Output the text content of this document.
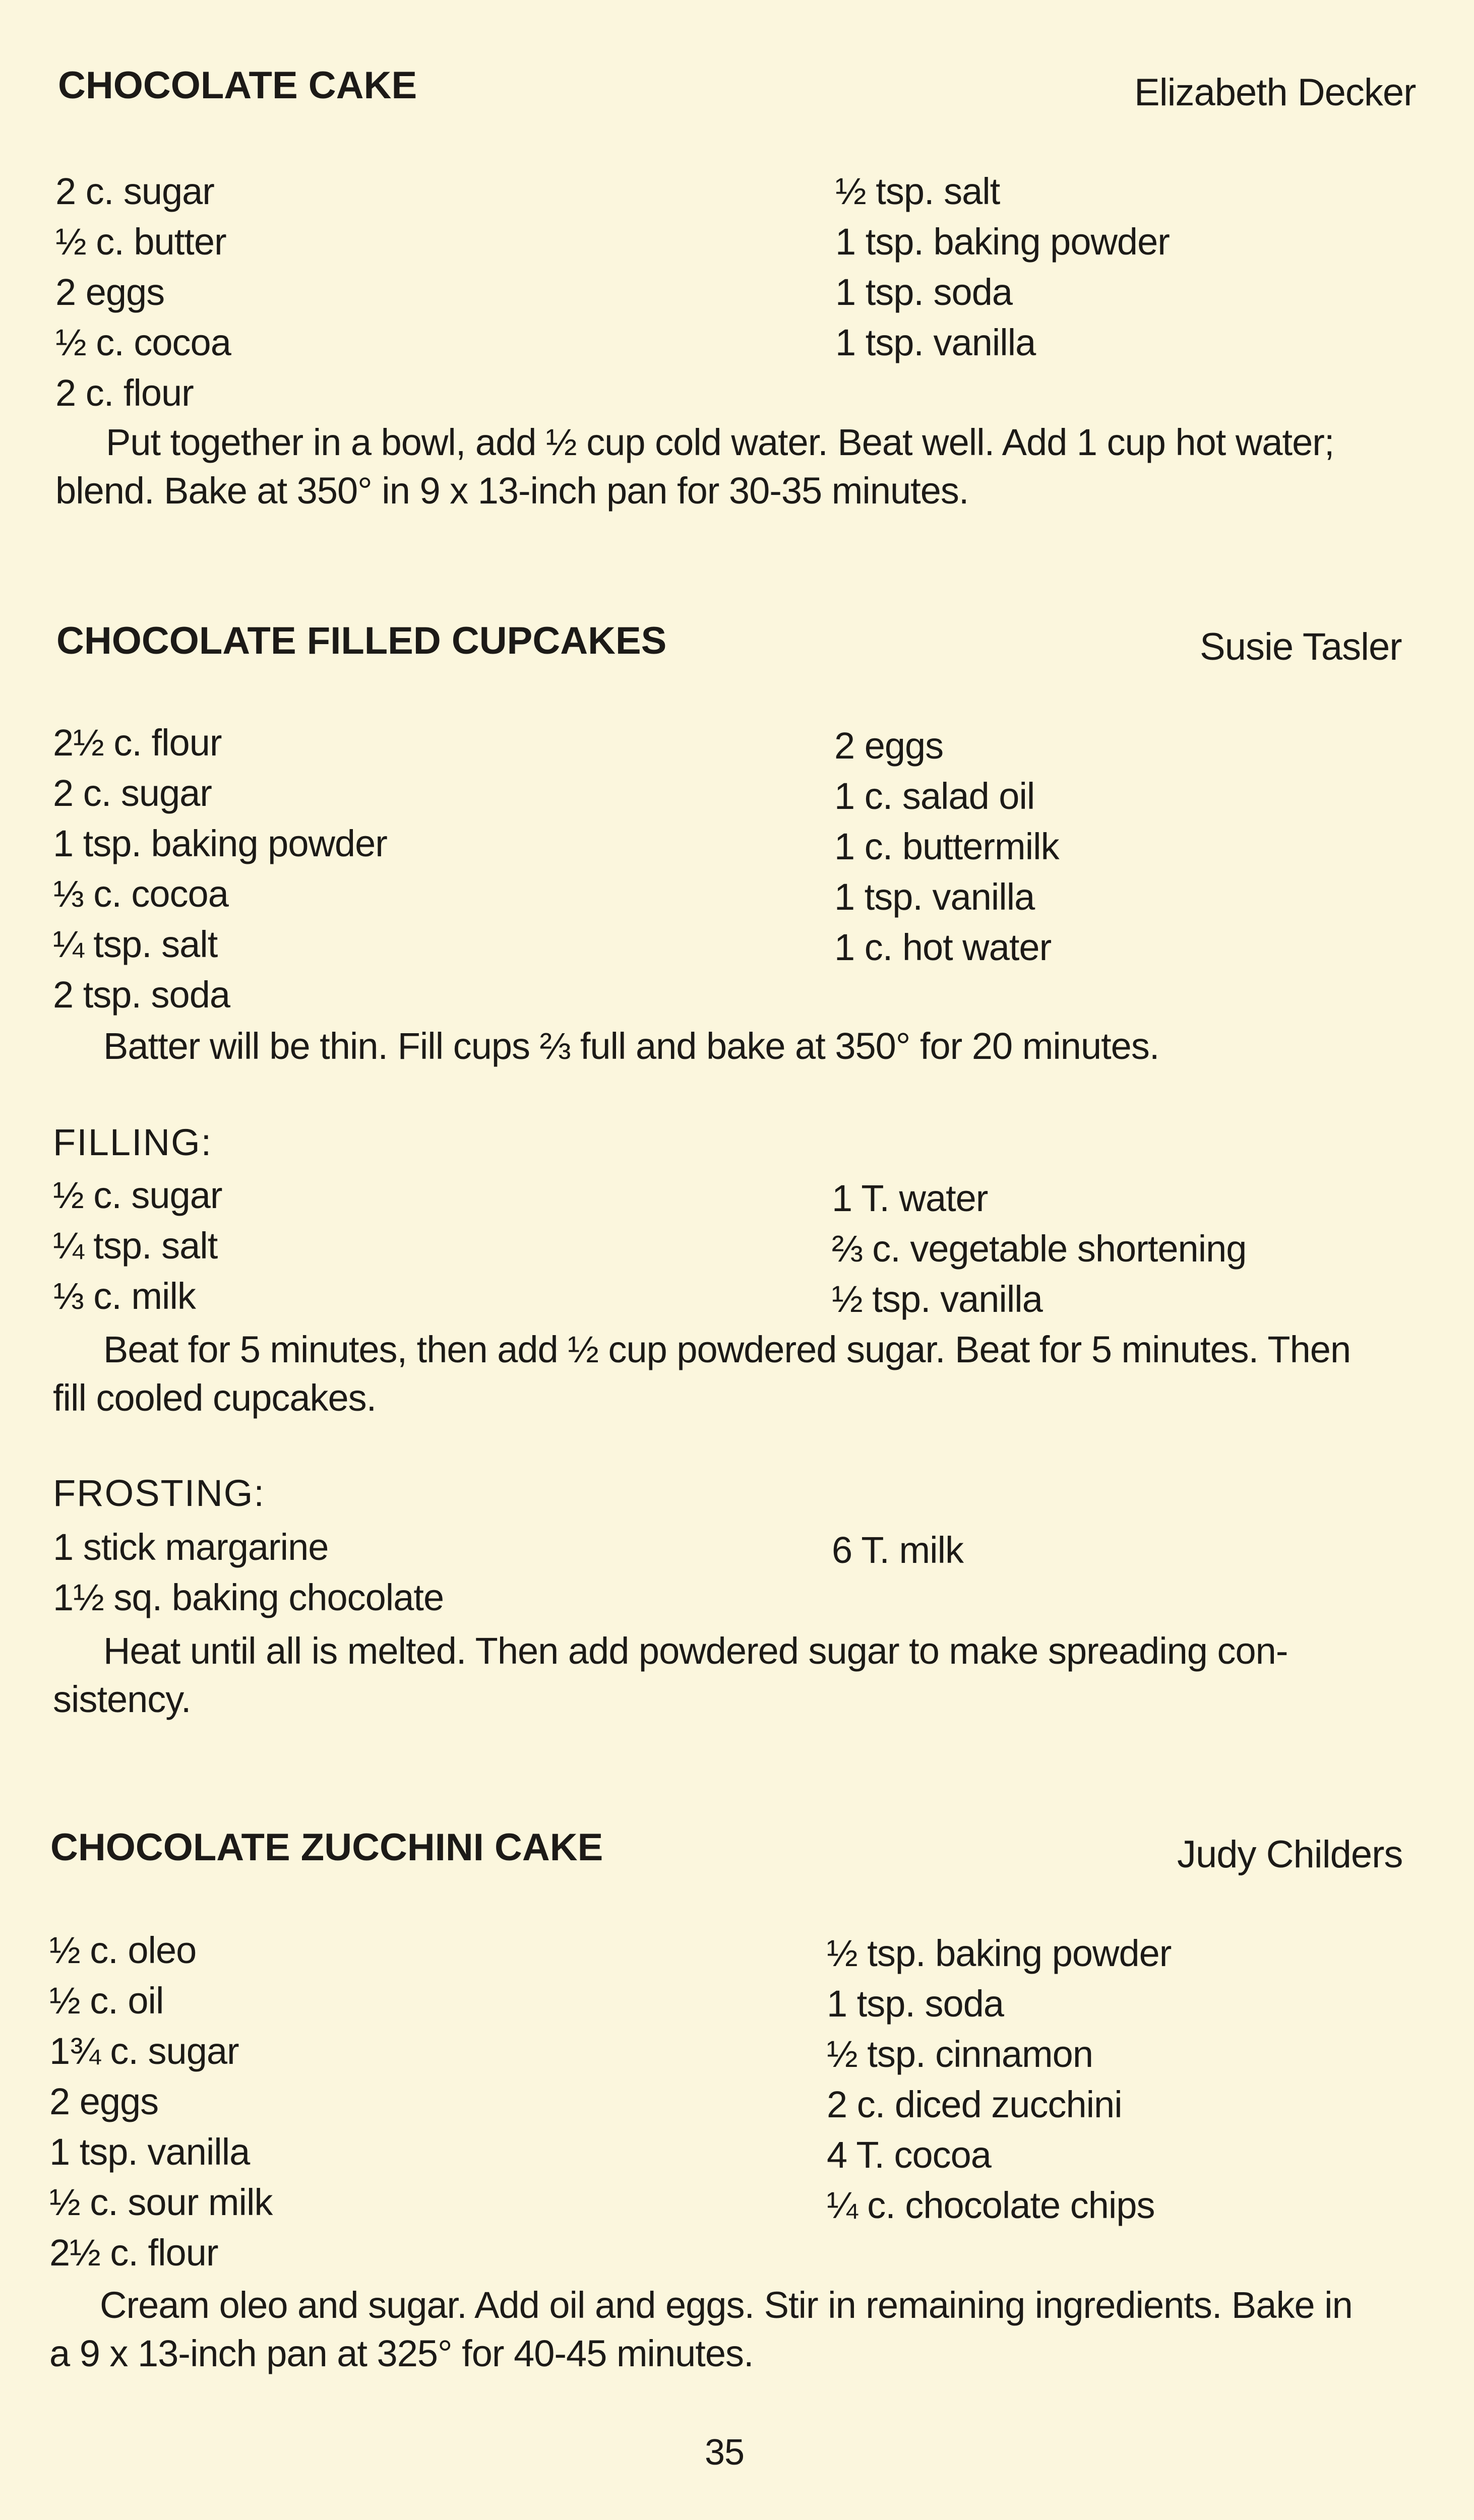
CHOCOLATE CAKE	Elizabeth Decker
2 c. sugar
½ c. butter
2 eggs
½ c. cocoa
2 c. flour
½ tsp. salt
1 tsp. baking powder
1 tsp. soda
1 tsp. vanilla
Put together in a bowl, add ½ cup cold water. Beat well. Add 1 cup hot water;
blend. Bake at 350° in 9 x 13-inch pan for 30-35 minutes.
CHOCOLATE FILLED CUPCAKES	Susie Tasler
2½ c. flour
2 c. sugar
1 tsp. baking powder
⅓ c. cocoa
¼ tsp. salt
2 tsp. soda
2 eggs
1 c. salad oil
1 c. buttermilk
1 tsp. vanilla
1 c. hot water
Batter will be thin. Fill cups ⅔ full and bake at 350° for 20 minutes.
FILLING:
½ c. sugar
¼ tsp. salt
⅓ c. milk
1 T. water
⅔ c. vegetable shortening
½ tsp. vanilla
Beat for 5 minutes, then add ½ cup powdered sugar. Beat for 5 minutes. Then
fill cooled cupcakes.
FROSTING:
1 stick margarine
1½ sq. baking chocolate
6 T. milk
Heat until all is melted. Then add powdered sugar to make spreading con-
sistency.
CHOCOLATE ZUCCHINI CAKE	Judy Childers
½ c. oleo
½ c. oil
1¾ c. sugar
2 eggs
1 tsp. vanilla
½ c. sour milk
2½ c. flour
½ tsp. baking powder
1 tsp. soda
½ tsp. cinnamon
2 c. diced zucchini
4 T. cocoa
¼ c. chocolate chips
Cream oleo and sugar. Add oil and eggs. Stir in remaining ingredients. Bake in
a 9 x 13-inch pan at 325° for 40-45 minutes.
35
